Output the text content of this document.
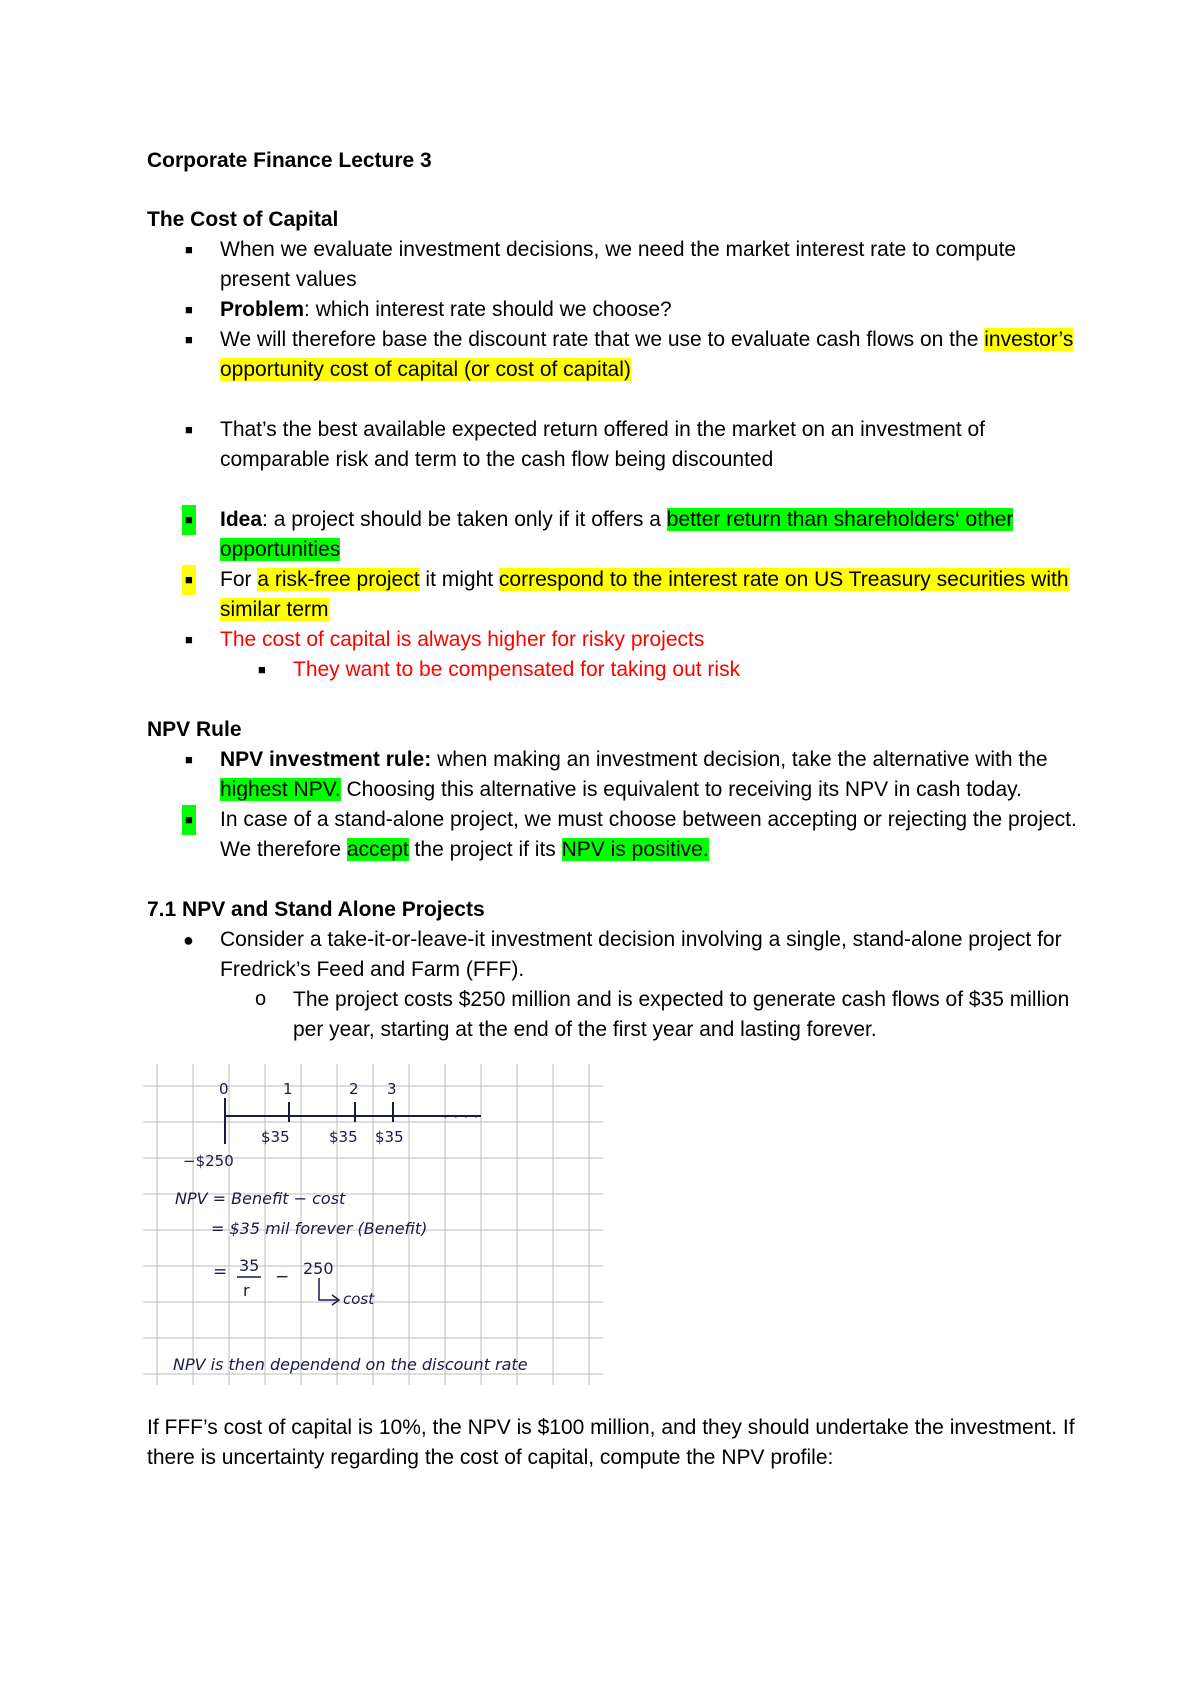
Corporate Finance Lecture 3

The Cost of Capital

■ When we evaluate investment decisions, we need the market interest rate to compute present values
■ Problem: which interest rate should we choose?
■ We will therefore base the discount rate that we use to evaluate cash flows on the investor’s opportunity cost of capital (or cost of capital)
■ That’s the best available expected return offered in the market on an investment of comparable risk and term to the cash flow being discounted
■ Idea: a project should be taken only if it offers a better return than shareholders‘ other opportunities
■ For a risk-free project it might correspond to the interest rate on US Treasury securities with similar term
■ The cost of capital is always higher for risky projects
■ They want to be compensated for taking out risk

NPV Rule

■ NPV investment rule: when making an investment decision, take the alternative with the highest NPV. Choosing this alternative is equivalent to receiving its NPV in cash today.
■ In case of a stand-alone project, we must choose between accepting or rejecting the project. We therefore accept the project if its NPV is positive.

7.1 NPV and Stand Alone Projects

● Consider a take-it-or-leave-it investment decision involving a single, stand-alone project for Fredrick’s Feed and Farm (FFF).
o The project costs $250 million and is expected to generate cash flows of $35 million per year, starting at the end of the first year and lasting forever.
0	1	2 3
· · · ·
$35	$35 $35
−$250
NPV = Benefit − cost
= $35 mil forever (Benefit)
= 35
r
− 250
cost
NPV is then dependend on the discount rate

If FFF’s cost of capital is 10%, the NPV is $100 million, and they should undertake the investment. If there is uncertainty regarding the cost of capital, compute the NPV profile:
